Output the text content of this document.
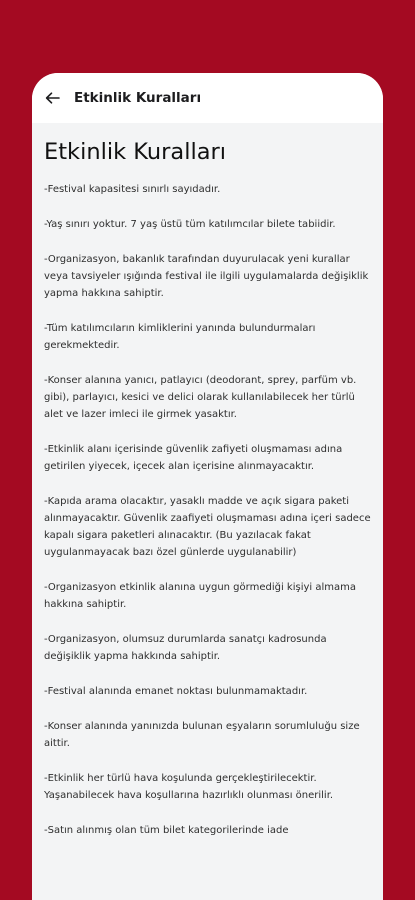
Etkinlik Kuralları
Etkinlik Kuralları

-Festival kapasitesi sınırlı sayıdadır.

-Yaş sınırı yoktur. 7 yaş üstü tüm katılımcılar bilete tabiidir.

-Organizasyon, bakanlık tarafından duyurulacak yeni kurallar veya tavsiyeler ışığında festival ile ilgili uygulamalarda değişiklik yapma hakkına sahiptir.

-Tüm katılımcıların kimliklerini yanında bulundurmaları gerekmektedir.

-Konser alanına yanıcı, patlayıcı (deodorant, sprey, parfüm vb. gibi), parlayıcı, kesici ve delici olarak kullanılabilecek her türlü alet ve lazer imleci ile girmek yasaktır.

-Etkinlik alanı içerisinde güvenlik zafiyeti oluşmaması adına getirilen yiyecek, içecek alan içerisine alınmayacaktır.

-Kapıda arama olacaktır, yasaklı madde ve açık sigara paketi alınmayacaktır. Güvenlik zaafiyeti oluşmaması adına içeri sadece kapalı sigara paketleri alınacaktır. (Bu yazılacak fakat uygulanmayacak bazı özel günlerde uygulanabilir)

-Organizasyon etkinlik alanına uygun görmediği kişiyi almama hakkına sahiptir.

-Organizasyon, olumsuz durumlarda sanatçı kadrosunda değişiklik yapma hakkında sahiptir.

-Festival alanında emanet noktası bulunmamaktadır.

-Konser alanında yanınızda bulunan eşyaların sorumluluğu size aittir.

-Etkinlik her türlü hava koşulunda gerçekleştirilecektir. Yaşanabilecek hava koşullarına hazırlıklı olunması önerilir.

-Satın alınmış olan tüm bilet kategorilerinde iade
